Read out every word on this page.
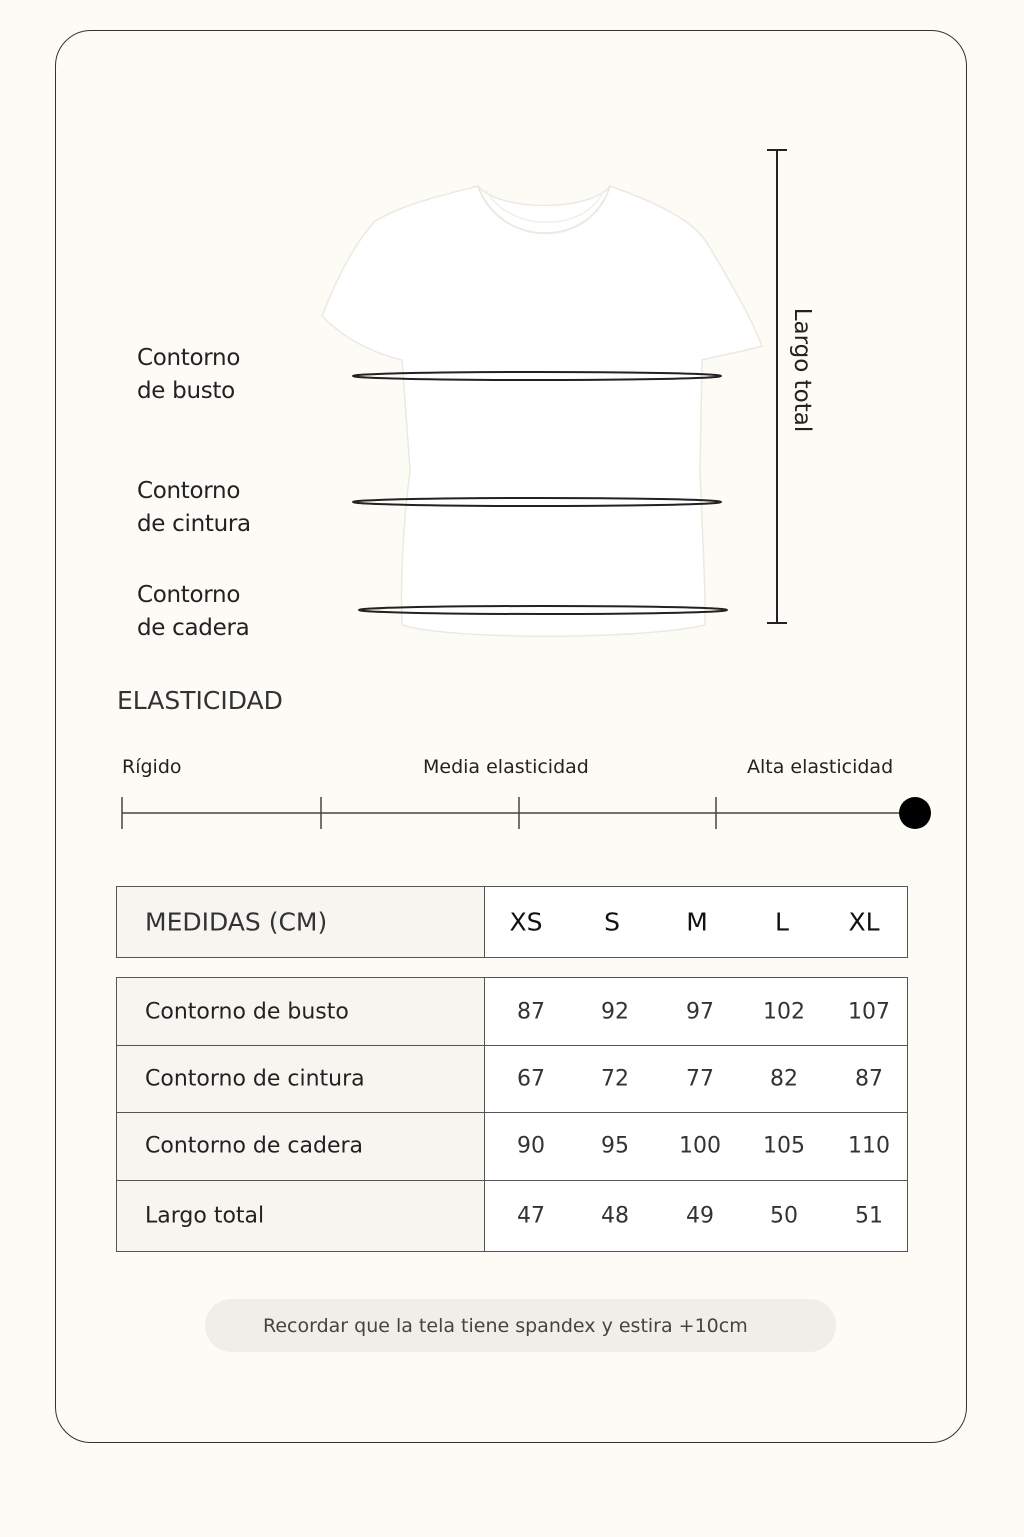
Contorno
de busto
Contorno
de cintura
Contorno
de cadera
Largo total
ELASTICIDAD
Rígido	Media elasticidad	Alta elasticidad
MEDIDAS (CM)	XS S	M	L XL
Contorno de busto	87	92	97 102 107
Contorno de cintura	67	72	77	82	87
Contorno de cadera	90	95 100 105 110
Largo total	47	48	49	50	51
Recordar que la tela tiene spandex y estira +10cm
